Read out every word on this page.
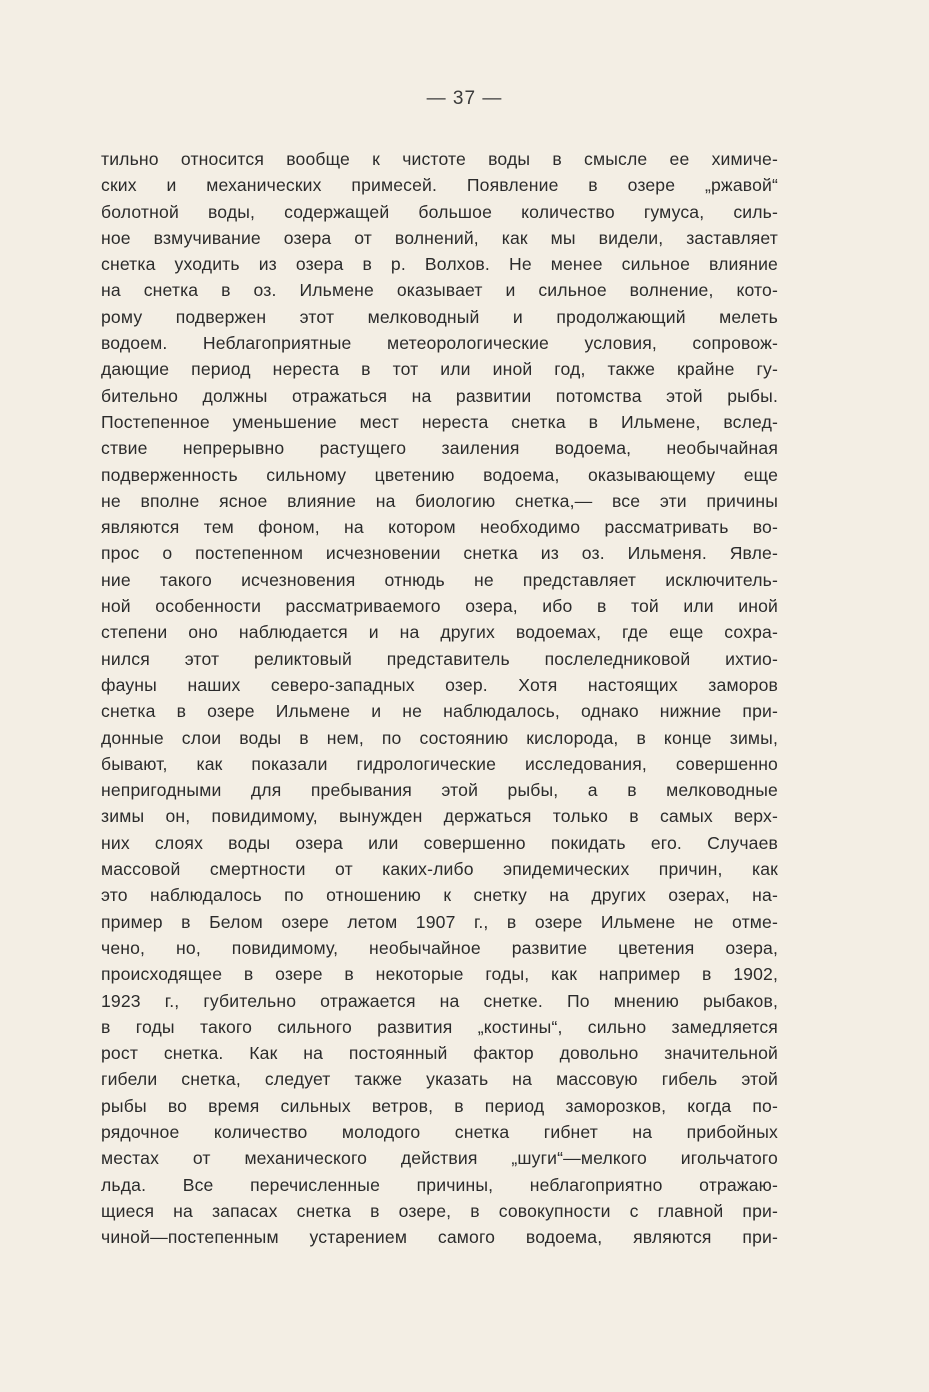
— 37 —
тильно относится вообще к чистоте воды в смысле ее химиче-
ских и механических примесей. Появление в озере „ржавой“
болотной воды, содержащей большое количество гумуса, силь-
ное взмучивание озера от волнений, как мы видели, заставляет
снетка уходить из озера в р. Волхов. Не менее сильное влияние
на снетка в оз. Ильмене оказывает и сильное волнение, кото-
рому подвержен этот мелководный и продолжающий мелеть
водоем. Неблагоприятные метеорологические условия, сопровож-
дающие период нереста в тот или иной год, также крайне гу-
бительно должны отражаться на развитии потомства этой рыбы.
Постепенное уменьшение мест нереста снетка в Ильмене, вслед-
ствие непрерывно растущего заиления водоема, необычайная
подверженность сильному цветению водоема, оказывающему еще
не вполне ясное влияние на биологию снетка,— все эти причины
являются тем фоном, на котором необходимо рассматривать во-
прос о постепенном исчезновении снетка из оз. Ильменя. Явле-
ние такого исчезновения отнюдь не представляет исключитель-
ной особенности рассматриваемого озера, ибо в той или иной
степени оно наблюдается и на других водоемах, где еще сохра-
нился этот реликтовый представитель послеледниковой ихтио-
фауны наших северо-западных озер. Хотя настоящих заморов
снетка в озере Ильмене и не наблюдалось, однако нижние при-
донные слои воды в нем, по состоянию кислорода, в конце зимы,
бывают, как показали гидрологические исследования, совершенно
непригодными для пребывания этой рыбы, а в мелководные
зимы он, повидимому, вынужден держаться только в самых верх-
них слоях воды озера или совершенно покидать его. Случаев
массовой смертности от каких-либо эпидемических причин, как
это наблюдалось по отношению к снетку на других озерах, на-
пример в Белом озере летом 1907 г., в озере Ильмене не отме-
чено, но, повидимому, необычайное развитие цветения озера,
происходящее в озере в некоторые годы, как например в 1902,
1923 г., губительно отражается на снетке. По мнению рыбаков,
в годы такого сильного развития „костины“, сильно замедляется
рост снетка. Как на постоянный фактор довольно значительной
гибели снетка, следует также указать на массовую гибель этой
рыбы во время сильных ветров, в период заморозков, когда по-
рядочное количество молодого снетка гибнет на прибойных
местах от механического действия „шуги“—мелкого игольчатого
льда. Все перечисленные причины, неблагоприятно отражаю-
щиеся на запасах снетка в озере, в совокупности с главной при-
чиной—постепенным устарением самого водоема, являются при-
